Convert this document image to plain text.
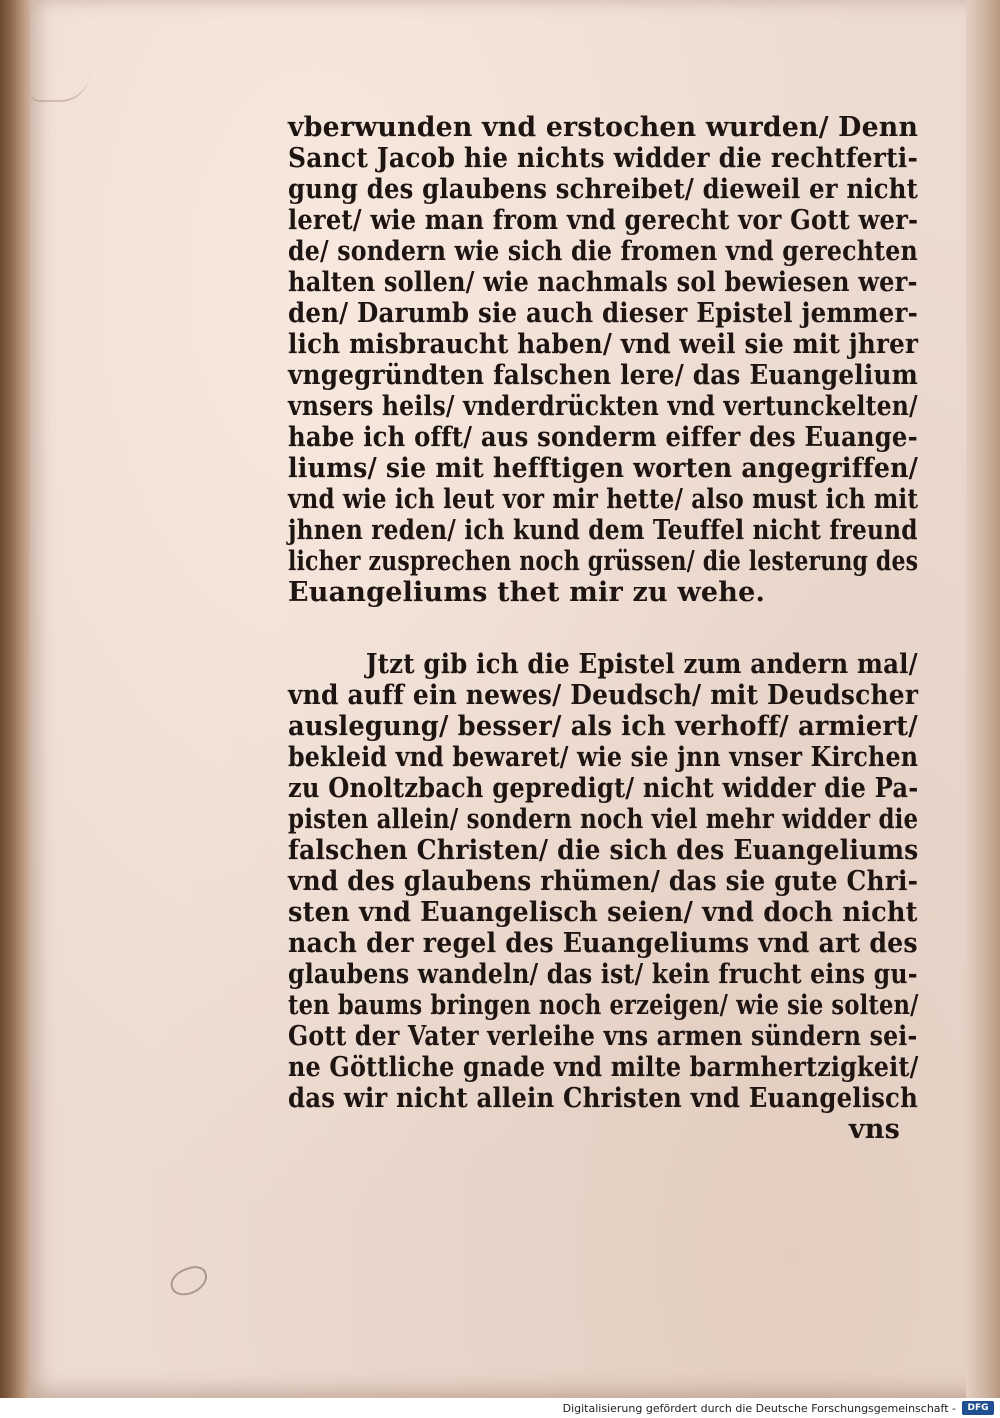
vberwunden vnd erstochen wurden/ Denn
Sanct Jacob hie nichts widder die rechtferti-
gung des glaubens schreibet/ dieweil er nicht
leret/ wie man from vnd gerecht vor Gott wer-
de/ sondern wie sich die fromen vnd gerechten
halten sollen/ wie nachmals sol bewiesen wer-
den/ Darumb sie auch dieser Epistel jemmer-
lich misbraucht haben/ vnd weil sie mit jhrer
vngegründten falschen lere/ das Euangelium
vnsers heils/ vnderdrückten vnd vertunckelten/
habe ich offt/ aus sonderm eiffer des Euange-
liums/ sie mit hefftigen worten angegriffen/
vnd wie ich leut vor mir hette/ also must ich mit
jhnen reden/ ich kund dem Teuffel nicht freund
licher zusprechen noch grüssen/ die lesterung des
Euangeliums thet mir zu wehe.
Jtzt gib ich die Epistel zum andern mal/
vnd auff ein newes/ Deudsch/ mit Deudscher
auslegung/ besser/ als ich verhoff/ armiert/
bekleid vnd bewaret/ wie sie jnn vnser Kirchen
zu Onoltzbach gepredigt/ nicht widder die Pa-
pisten allein/ sondern noch viel mehr widder die
falschen Christen/ die sich des Euangeliums
vnd des glaubens rhümen/ das sie gute Chri-
sten vnd Euangelisch seien/ vnd doch nicht
nach der regel des Euangeliums vnd art des
glaubens wandeln/ das ist/ kein frucht eins gu-
ten baums bringen noch erzeigen/ wie sie solten/
Gott der Vater verleihe vns armen sündern sei-
ne Göttliche gnade vnd milte barmhertzigkeit/
das wir nicht allein Christen vnd Euangelisch
vns
Digitalisierung gefördert durch die Deutsche Forschungsgemeinschaft -	DFG
